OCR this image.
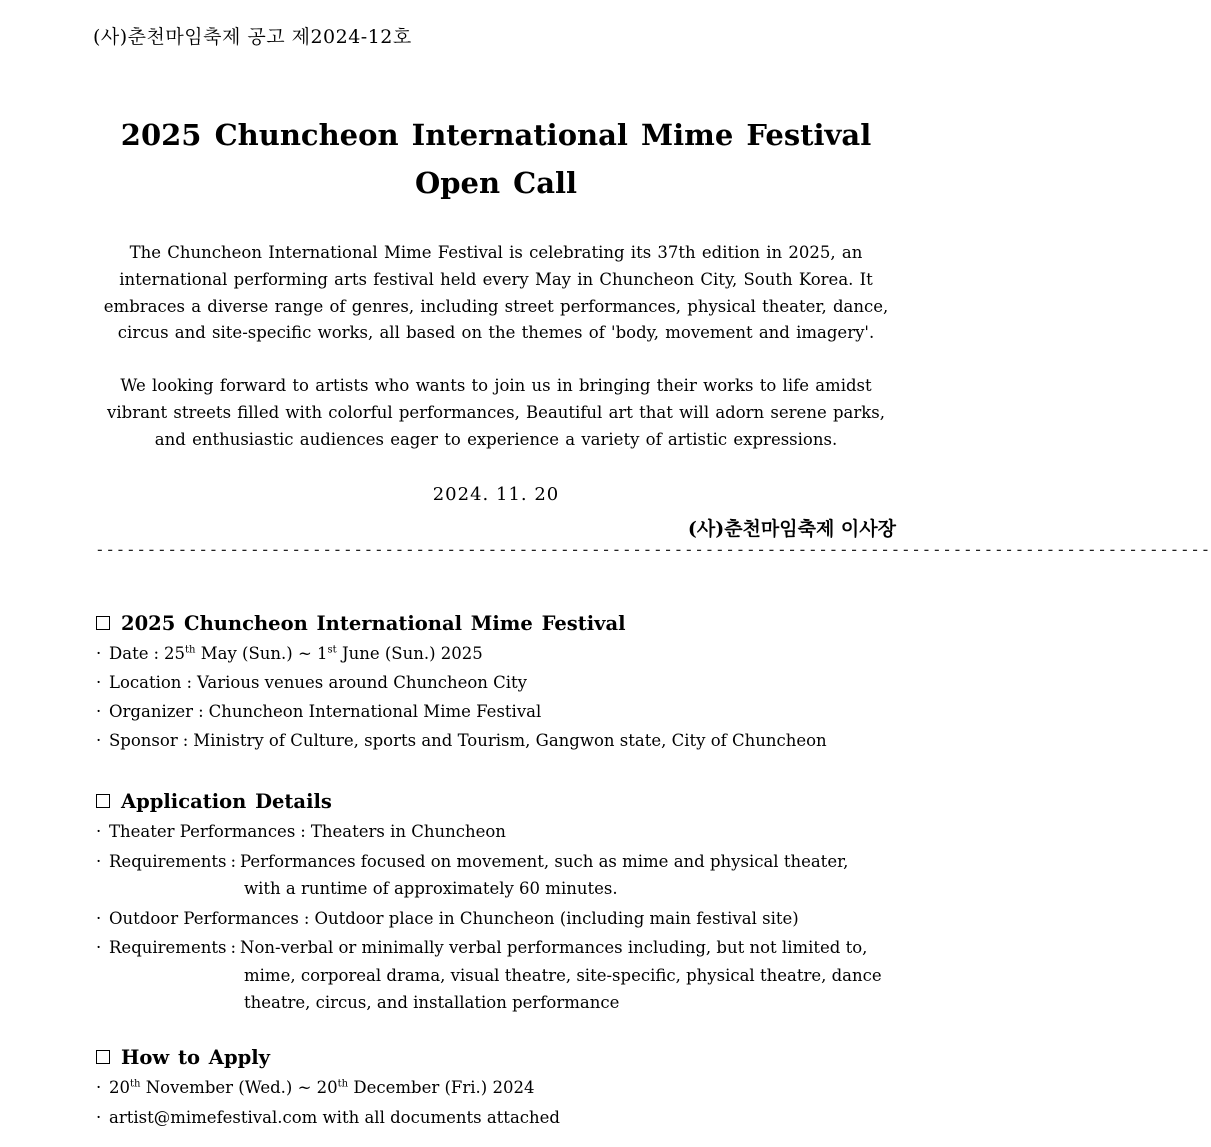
(사)춘천마임축제 공고 제2024-12호
2025 Chuncheon International Mime Festival
Open Call
The Chuncheon International Mime Festival is celebrating its 37th edition in 2025, an
international performing arts festival held every May in Chuncheon City, South Korea. It
embraces a diverse range of genres, including street performances, physical theater, dance,
circus and site-specific works, all based on the themes of 'body, movement and imagery'.
We looking forward to artists who wants to join us in bringing their works to life amidst
vibrant streets filled with colorful performances, Beautiful art that will adorn serene parks,
and enthusiastic audiences eager to experience a variety of artistic expressions.
2024. 11. 20
(사)춘천마임축제 이사장
------------------------------------------------------------------------------------------------------------
2025 Chuncheon International Mime Festival
· Date : 25th May (Sun.) ~ 1st June (Sun.) 2025
· Location : Various venues around Chuncheon City
· Organizer : Chuncheon International Mime Festival
· Sponsor : Ministry of Culture, sports and Tourism, Gangwon state, City of Chuncheon
Application Details
· Theater Performances : Theaters in Chuncheon
· Requirements : Performances focused on movement, such as mime and physical theater,
with a runtime of approximately 60 minutes.
· Outdoor Performances : Outdoor place in Chuncheon (including main festival site)
· Requirements : Non-verbal or minimally verbal performances including, but not limited to,
mime, corporeal drama, visual theatre, site-specific, physical theatre, dance
theatre, circus, and installation performance
How to Apply
· 20th November (Wed.) ~ 20th December (Fri.) 2024
· artist@mimefestival.com with all documents attached
